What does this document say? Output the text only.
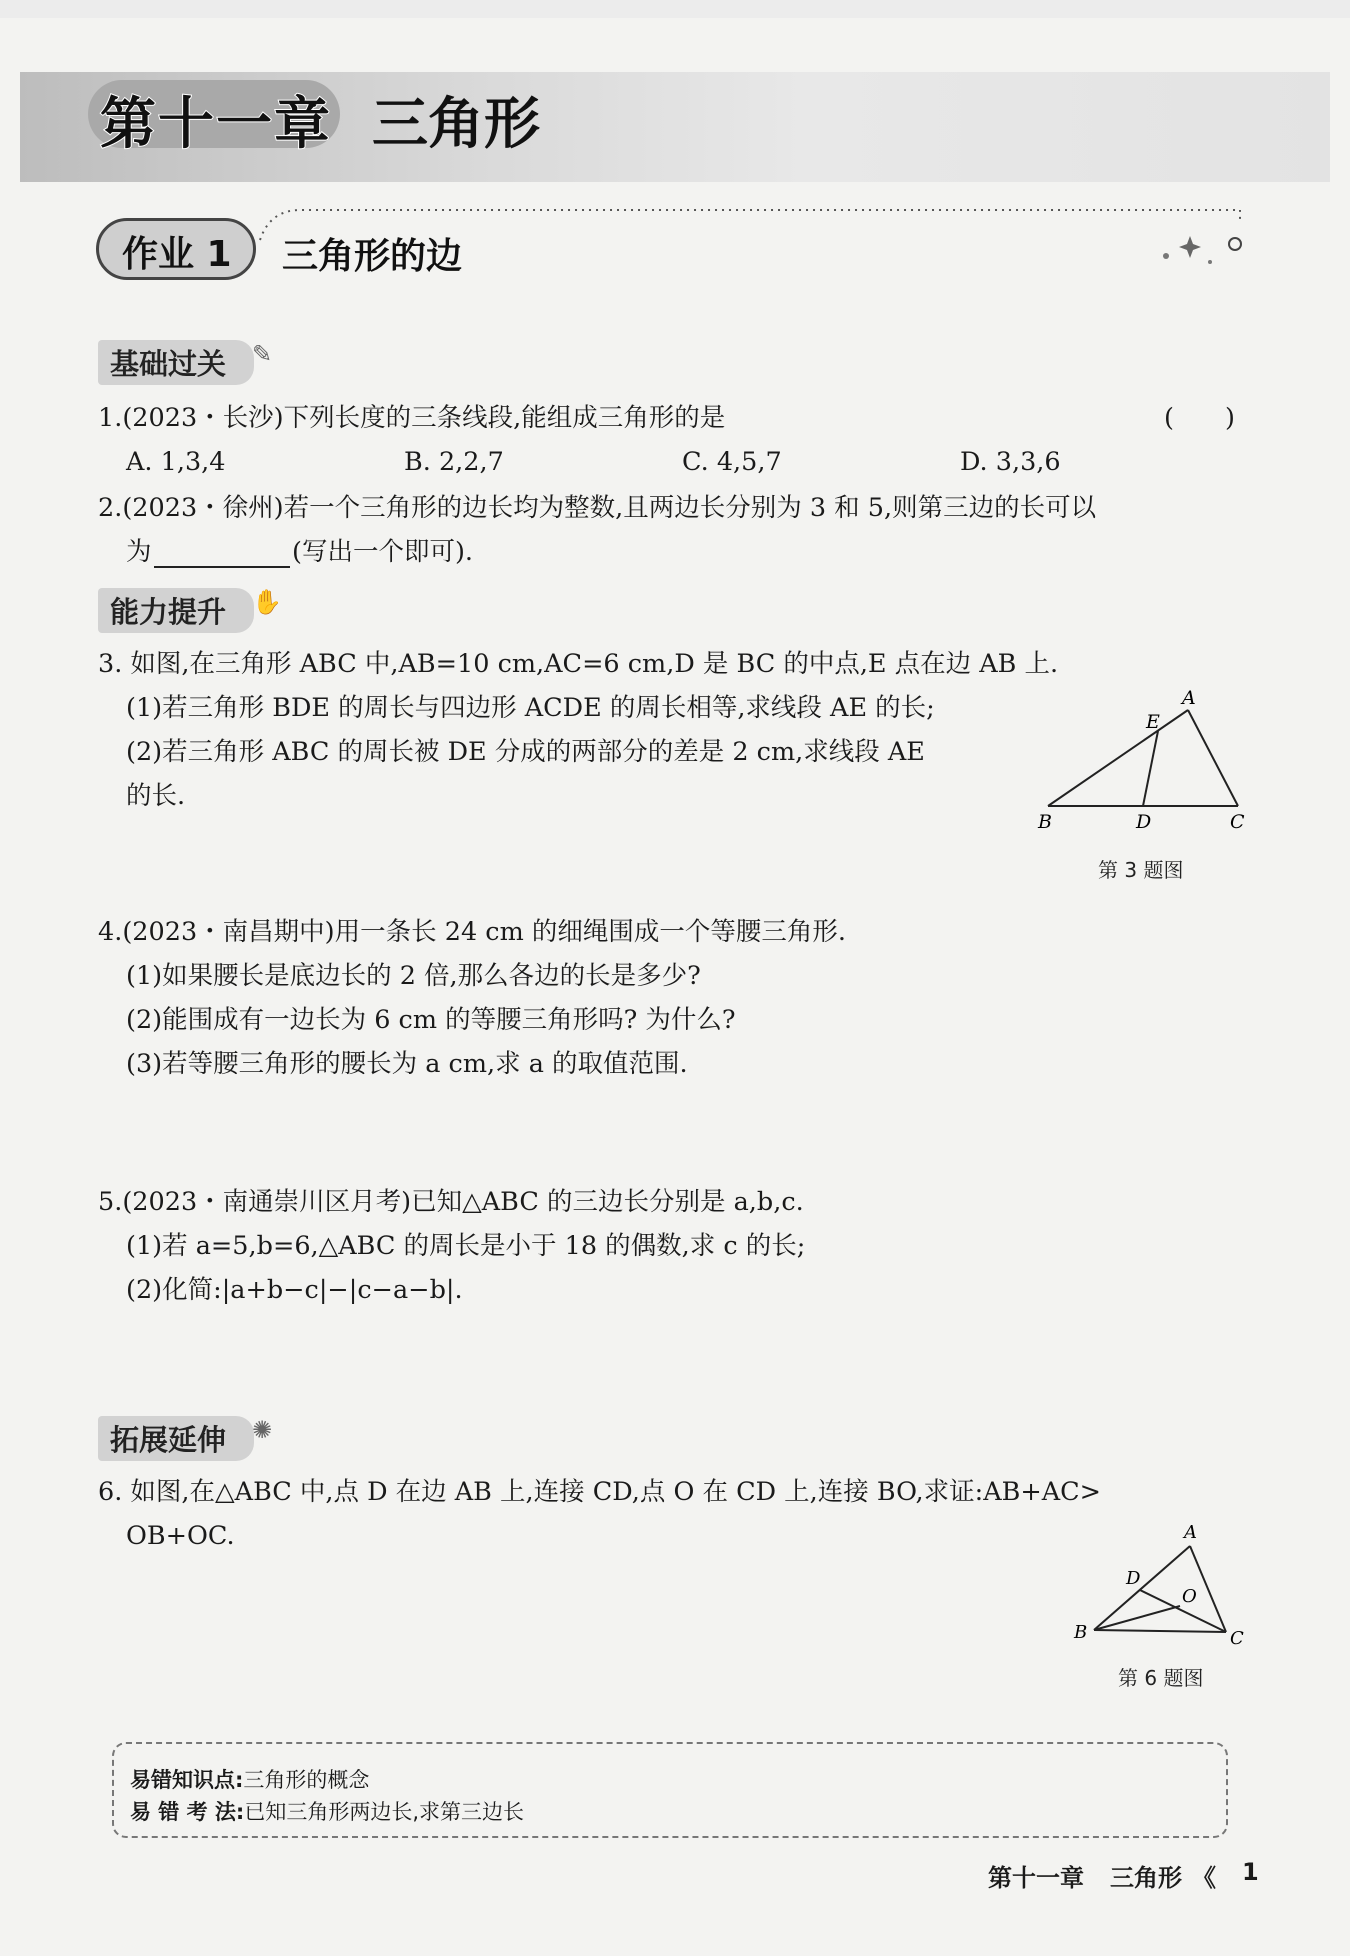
第十一章 三角形
作业 1 三角形的边
基础过关	✎
1.(2023・长沙)下列长度的三条线段,能组成三角形的是	(　　)
A. 1,3,4	B. 2,2,7	C. 4,5,7	D. 3,3,6
2.(2023・徐州)若一个三角形的边长均为整数,且两边长分别为 3 和 5,则第三边的长可以
为	(写出一个即可).
能力提升	✋
3. 如图,在三角形 ABC 中,AB=10 cm,AC=6 cm,D 是 BC 的中点,E 点在边 AB 上.
(1)若三角形 BDE 的周长与四边形 ACDE 的周长相等,求线段 AE 的长;
(2)若三角形 ABC 的周长被 DE 分成的两部分的差是 2 cm,求线段 AE
的长.
A
E
B	D	C
第 3 题图
4.(2023・南昌期中)用一条长 24 cm 的细绳围成一个等腰三角形.
(1)如果腰长是底边长的 2 倍,那么各边的长是多少?
(2)能围成有一边长为 6 cm 的等腰三角形吗? 为什么?
(3)若等腰三角形的腰长为 a cm,求 a 的取值范围.
5.(2023・南通崇川区月考)已知△ABC 的三边长分别是 a,b,c.
(1)若 a=5,b=6,△ABC 的周长是小于 18 的偶数,求 c 的长;
(2)化简:|a+b−c|−|c−a−b|.
拓展延伸	✺
6. 如图,在△ABC 中,点 D 在边 AB 上,连接 CD,点 O 在 CD 上,连接 BO,求证:AB+AC>
OB+OC.	A
D
O
B	C
第 6 题图
易错知识点:三角形的概念
易 错 考 法:已知三角形两边长,求第三边长
第十一章 三角形 《 1
